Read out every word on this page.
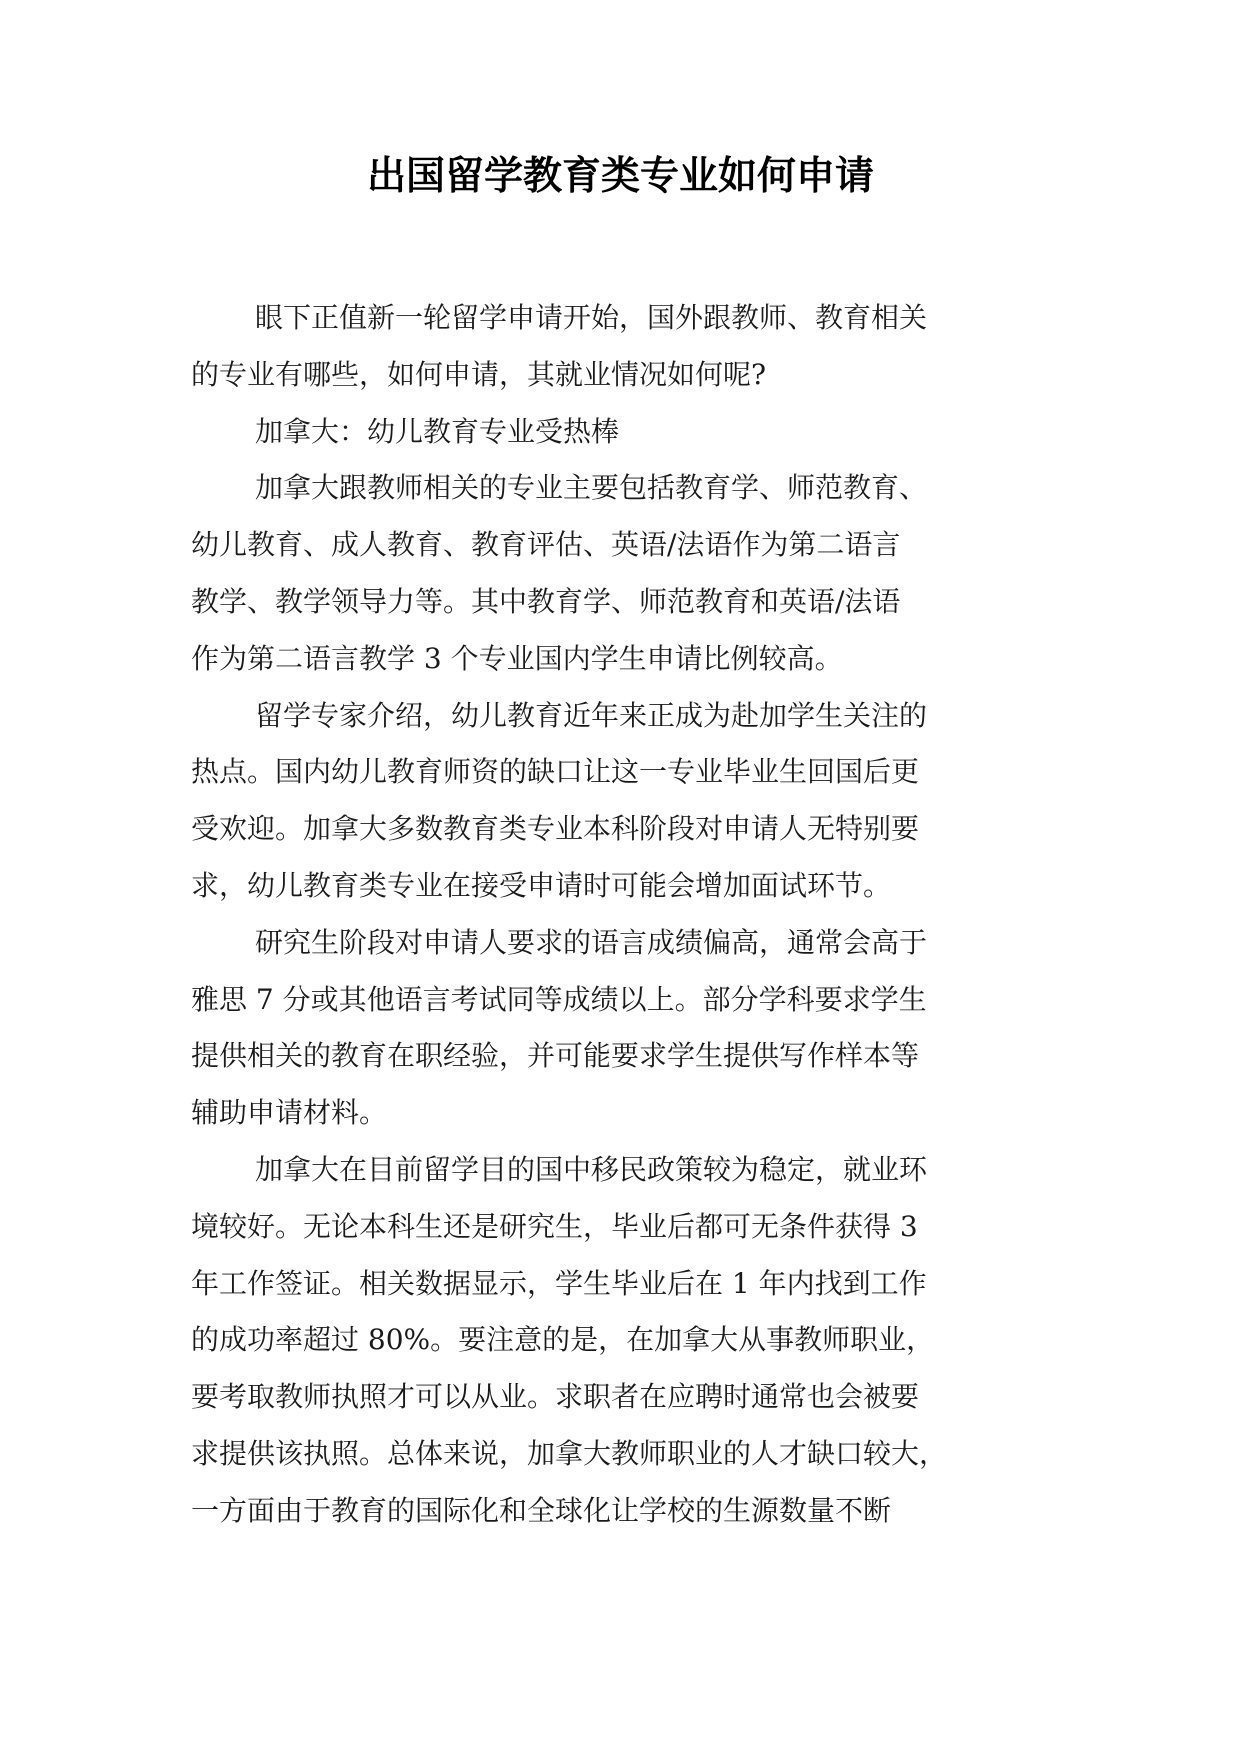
出国留学教育类专业如何申请
眼下正值新一轮留学申请开始，国外跟教师、教育相关
的专业有哪些，如何申请，其就业情况如何呢?
加拿大：幼儿教育专业受热棒
加拿大跟教师相关的专业主要包括教育学、师范教育、
幼儿教育、成人教育、教育评估、英语/法语作为第二语言
教学、教学领导力等。其中教育学、师范教育和英语/法语
作为第二语言教学 3 个专业国内学生申请比例较高。
留学专家介绍，幼儿教育近年来正成为赴加学生关注的
热点。国内幼儿教育师资的缺口让这一专业毕业生回国后更
受欢迎。加拿大多数教育类专业本科阶段对申请人无特别要
求，幼儿教育类专业在接受申请时可能会增加面试环节。
研究生阶段对申请人要求的语言成绩偏高，通常会高于
雅思 7 分或其他语言考试同等成绩以上。部分学科要求学生
提供相关的教育在职经验，并可能要求学生提供写作样本等
辅助申请材料。
加拿大在目前留学目的国中移民政策较为稳定，就业环
境较好。无论本科生还是研究生，毕业后都可无条件获得 3
年工作签证。相关数据显示，学生毕业后在 1 年内找到工作
的成功率超过 80%。要注意的是，在加拿大从事教师职业，
要考取教师执照才可以从业。求职者在应聘时通常也会被要
求提供该执照。总体来说，加拿大教师职业的人才缺口较大，
一方面由于教育的国际化和全球化让学校的生源数量不断
